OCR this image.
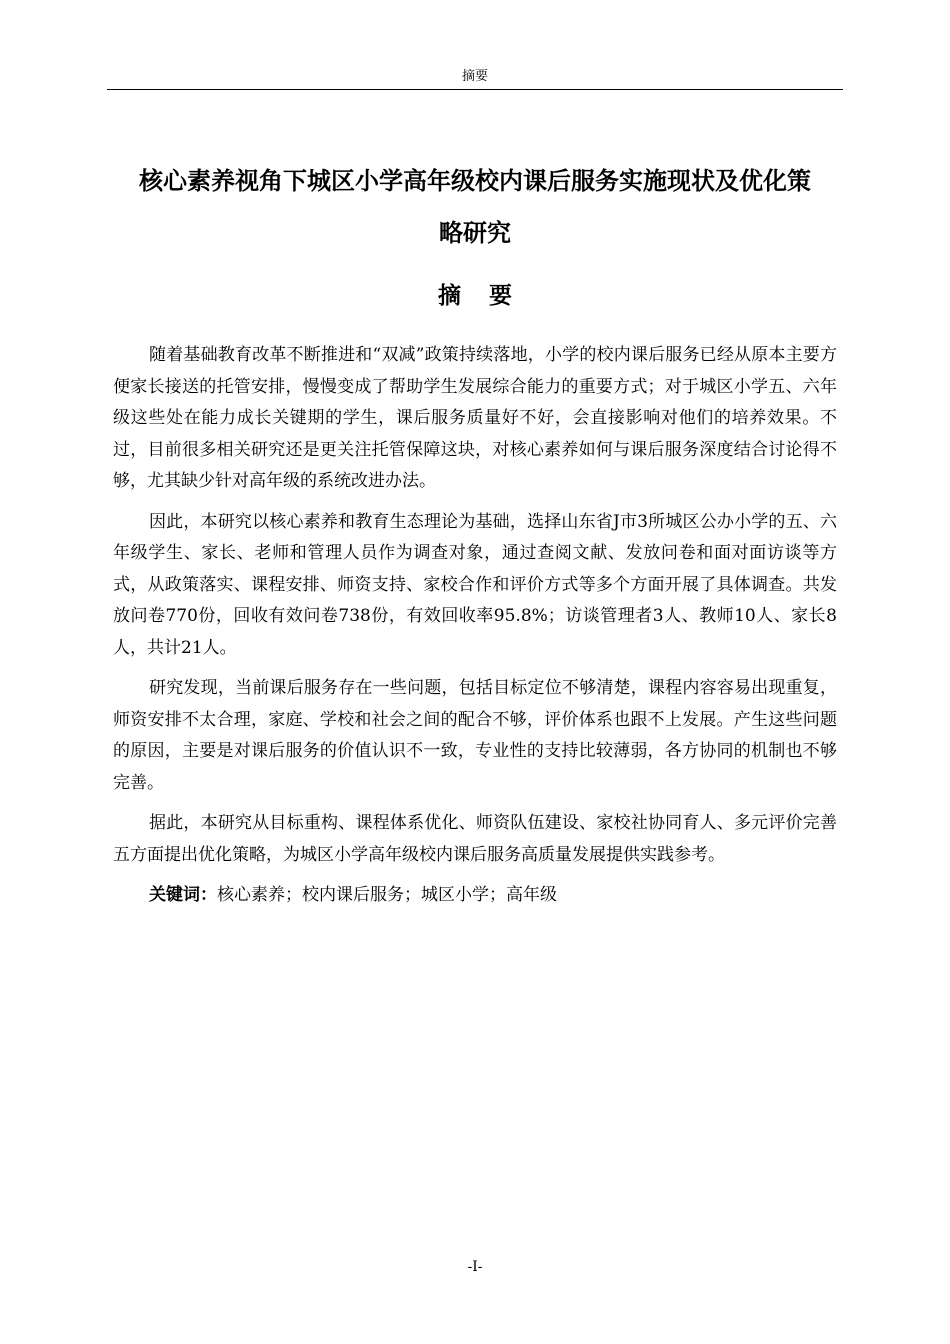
摘要
核心素养视角下城区小学高年级校内课后服务实施现状及优化策
略研究
摘要

随着基础教育改革不断推进和“双减”政策持续落地，小学的校内课后服务已经从原本主要方便家长接送的托管安排，慢慢变成了帮助学生发展综合能力的重要方式；对于城区小学五、六年级这些处在能力成长关键期的学生，课后服务质量好不好，会直接影响对他们的培养效果。不过，目前很多相关研究还是更关注托管保障这块，对核心素养如何与课后服务深度结合讨论得不够，尤其缺少针对高年级的系统改进办法。

因此，本研究以核心素养和教育生态理论为基础，选择山东省J市3所城区公办小学的五、六年级学生、家长、老师和管理人员作为调查对象，通过查阅文献、发放问卷和面对面访谈等方式，从政策落实、课程安排、师资支持、家校合作和评价方式等多个方面开展了具体调查。共发放问卷770份，回收有效问卷738份，有效回收率95.8%；访谈管理者3人、教师10人、家长8人，共计21人。

研究发现，当前课后服务存在一些问题，包括目标定位不够清楚，课程内容容易出现重复，师资安排不太合理，家庭、学校和社会之间的配合不够，评价体系也跟不上发展。产生这些问题的原因，主要是对课后服务的价值认识不一致，专业性的支持比较薄弱，各方协同的机制也不够完善。

据此，本研究从目标重构、课程体系优化、师资队伍建设、家校社协同育人、多元评价完善五方面提出优化策略，为城区小学高年级校内课后服务高质量发展提供实践参考。

关键词：核心素养；校内课后服务；城区小学；高年级

-I-
